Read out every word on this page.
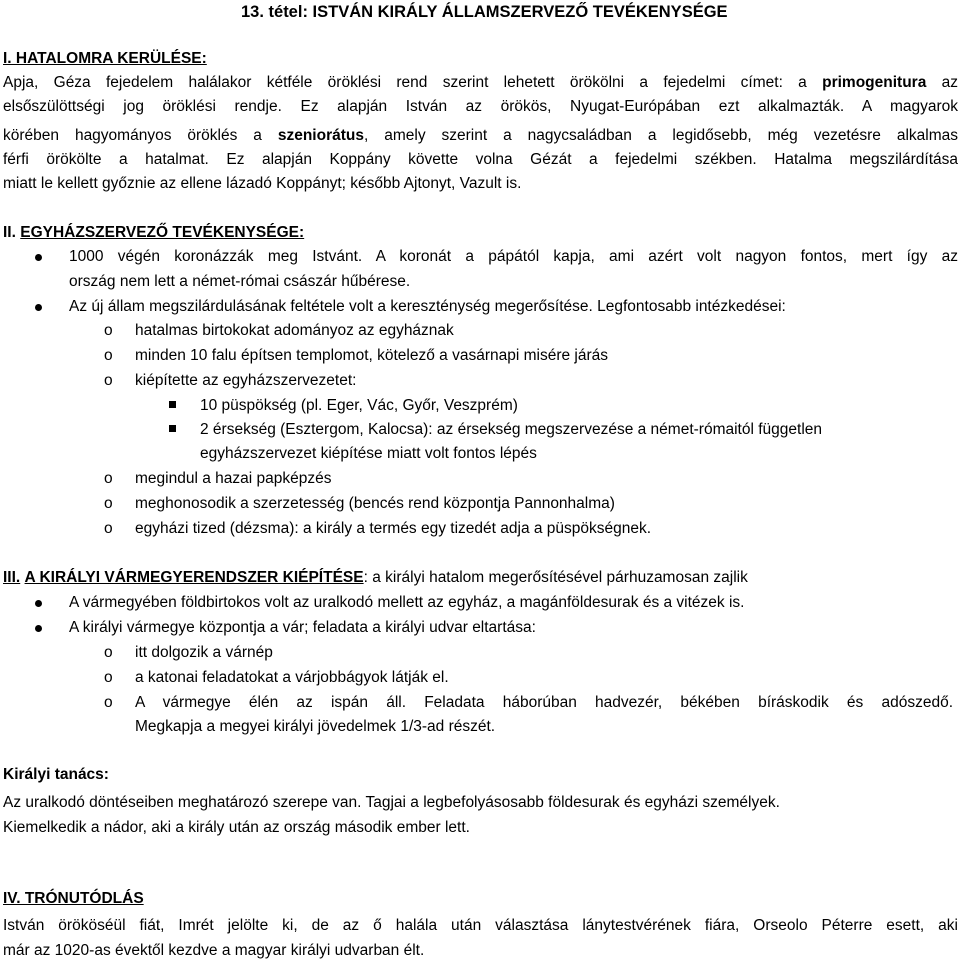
13. tétel: ISTVÁN KIRÁLY ÁLLAMSZERVEZŐ TEVÉKENYSÉGE
I. HATALOMRA KERÜLÉSE:
Apja, Géza fejedelem halálakor kétféle öröklési rend szerint lehetett örökölni a fejedelmi címet: a primogenitura az
elsőszülöttségi jog öröklési rendje. Ez alapján István az örökös, Nyugat-Európában ezt alkalmazták. A magyarok
körében hagyományos öröklés a szeniorátus, amely szerint a nagycsaládban a legidősebb, még vezetésre alkalmas
férfi örökölte a hatalmat. Ez alapján Koppány követte volna Gézát a fejedelmi székben. Hatalma megszilárdítása
miatt le kellett győznie az ellene lázadó Koppányt; később Ajtonyt, Vazult is.
II. EGYHÁZSZERVEZŐ TEVÉKENYSÉGE:
1000 végén koronázzák meg Istvánt. A koronát a pápától kapja, ami azért volt nagyon fontos, mert így az
ország nem lett a német-római császár hűbérese.
Az új állam megszilárdulásának feltétele volt a kereszténység megerősítése. Legfontosabb intézkedései:
o hatalmas birtokokat adományoz az egyháznak
o minden 10 falu építsen templomot, kötelező a vasárnapi misére járás
o kiépítette az egyházszervezetet:
10 püspökség (pl. Eger, Vác, Győr, Veszprém)
2 érsekség (Esztergom, Kalocsa): az érsekség megszervezése a német-rómaitól független
egyházszervezet kiépítése miatt volt fontos lépés
o megindul a hazai papképzés
o meghonosodik a szerzetesség (bencés rend központja Pannonhalma)
o egyházi tized (dézsma): a király a termés egy tizedét adja a püspökségnek.
III. A KIRÁLYI VÁRMEGYERENDSZER KIÉPÍTÉSE: a királyi hatalom megerősítésével párhuzamosan zajlik
A vármegyében földbirtokos volt az uralkodó mellett az egyház, a magánföldesurak és a vitézek is.
A királyi vármegye központja a vár; feladata a királyi udvar eltartása:
o itt dolgozik a várnép
o a katonai feladatokat a várjobbágyok látják el.
o A vármegye élén az ispán áll. Feladata háborúban hadvezér, békében bíráskodik és adószedő.
Megkapja a megyei királyi jövedelmek 1/3-ad részét.
Királyi tanács:
Az uralkodó döntéseiben meghatározó szerepe van. Tagjai a legbefolyásosabb földesurak és egyházi személyek.
Kiemelkedik a nádor, aki a király után az ország második ember lett.
IV. TRÓNUTÓDLÁS
István örököséül fiát, Imrét jelölte ki, de az ő halála után választása lánytestvérének fiára, Orseolo Péterre esett, aki
már az 1020-as évektől kezdve a magyar királyi udvarban élt.
